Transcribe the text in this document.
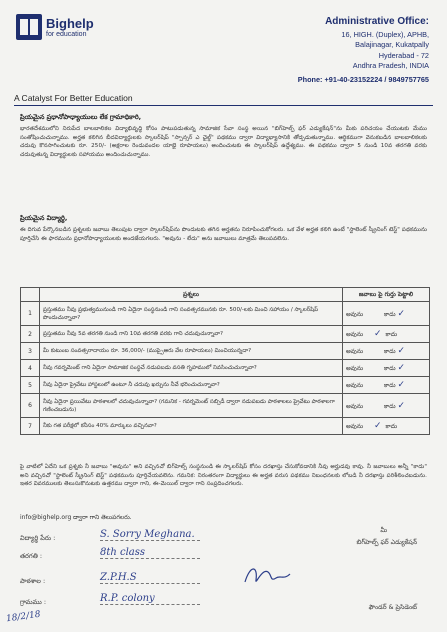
Bighelp
for education
A Catalyst For Better Education
Administrative Office:
16, HIGH. (Duplex), APHB,
Balajinagar, Kukatpally
Hyderabad - 72
Andhra Pradesh, INDIA
Phone: +91-40-23152224 / 9849757765
ప్రియమైన ప్రధానోపాధ్యాయులు లేక గ్రామాధికారి,
భారతదేశములోని నిరుపేద బాలబాలికల విద్యాభివృద్ధి కోసం పాటుపడుతున్న సామాజిక సేవా సంస్థ అయిన "బిగ్‌హెల్ప్ ఫర్ ఎడ్యుకేషన్"ను మీకు పరిచయం చేయుటకు మేము సంతోషించుచున్నాము. అర్హత కలిగిన బీదవిద్యార్థులకు స్కాలర్‌షిప్ "స్పాన్సర్ ఎ ఛైల్డ్" పథకము ద్వారా విద్యాభ్యాసానికి తోడ్పడుతున్నాము. ఆర్థికముగా వెనుకబడిన బాలబాలికలకు చదువు కొనసాగించుటకు రూ. 250/- (అక్షరాల రెండువందల యాభై రూపాయలు) అందించుటకు ఈ స్కాలర్‌షిప్ ఉద్దేశ్యము. ఈ పథకము ద్వారా 5 నుండి 10వ తరగతి వరకు చదువుతున్న విద్యార్థులకు సహాయము అందించుచున్నాము.
ప్రియమైన విద్యార్థి,
ఈ దిగువ పేర్కొనబడిన ప్రశ్నలకు జవాబు తెలుపుట ద్వారా స్కాలర్‌షిప్‌ను పొందుటకు తగిన అర్హతను నిరూపించుకోగలరు. ఒక వేళ అర్హత కలిగి ఉంటే "స్టాలెంట్ స్క్రీనింగ్ టెస్ట్" పథకమును పూర్తిచేసి ఈ ఫారమును ప్రధానోపాధ్యాయులకు అందజేయగలరు. "అవును - లేదు" అను జవాబులు మాత్రమే తెలుపవలెను.
	ప్రశ్నలు	జవాబు పై గుర్తు పెట్టాలి
1	ప్రస్తుతము నీవు ప్రభుత్వమునుండి గాని ఏదైనా సంస్థనుండి గాని సంవత్సరమునకు రూ. 500/-లకు మించి సహాయం / స్కాలర్‌షిప్ పొందుచున్నావా?	అవును కాదు ✓
2	ప్రస్తుతము నీవు 5వ తరగతి నుండి గాని 10వ తరగతి వరకు గాని చదువుచున్నావా?	అవును ✓ కాదు
3	మీ కుటుంబ సంవత్సరాదాయం రూ. 36,000/- (ముప్పైఆరు వేల రూపాయలు) మించియున్నదా?	అవును కాదు ✓
4	నీవు గవర్నమెంట్ గాని ఏదైనా సామాజిక సంస్థచే నడుపబడు వసతి గృహములో నివసించుచున్నావా?	అవును కాదు ✓
5	నీవు ఏదైనా ప్రైవేటు హాస్టలులో ఉంటూ నీ చదువు ఖర్చును నీవే భరించుచున్నావా?	అవును కాదు ✓
6	నీవు ఏదైనా ప్రయివేటు పాఠశాలలో చదువుచున్నావా? (గమనిక - గవర్నమెంట్ సబ్సిడీ ద్వారా నడుపబడు పాఠశాలలు ప్రైవేటు పాఠశాలగా గణించబడును)	అవును కాదు ✓
7	నీకు గత పరీక్షలో కనీసం 40% మార్కులు వచ్చినవా?	అవును ✓ కాదు
పై వాటిలో ఏదేని ఒక ప్రశ్నకు నీ జవాబు "అవును" అని వచ్చినచో బిగ్‌హెల్ప్ సంస్థనుండి ఈ స్కాలర్‌షిప్ కోసం దరఖాస్తు చేసుకోవడానికి నీవు అర్హుడవు కావు. నీ జవాబులు అన్నీ "కాదు" అని వచ్చినచో "స్టాలెంట్ స్క్రీనింగ్ టెస్ట్" పథకమును పూర్తిచేయవలెను. గమనిక: నిరంతరంగా విద్యార్థులు ఈ అర్హత వరుస పథకము నిబంధనలకు లోబడి నీ దరఖాస్తు పరిశీలించబడును. ఇతర వివరములకు తెలుసుకొనుటకు ఉత్తరము ద్వారా గాని, ఈ-మెయిల్ ద్వారా గాని సంప్రదించగలరు.
info@bighelp.org ద్వారా గాని తెలుపగలరు.
విద్యార్థి పేరు :	S. Sorry Meghana.
తరగతి :	8th class
పాఠశాల :	Z.P.H.S
గ్రామము :	R.P. colony
మీ
బిగ్‌హెల్ప్ ఫర్ ఎడ్యుకేషన్
ఫౌండర్ & ప్రెసిడెంట్
18/2/18
